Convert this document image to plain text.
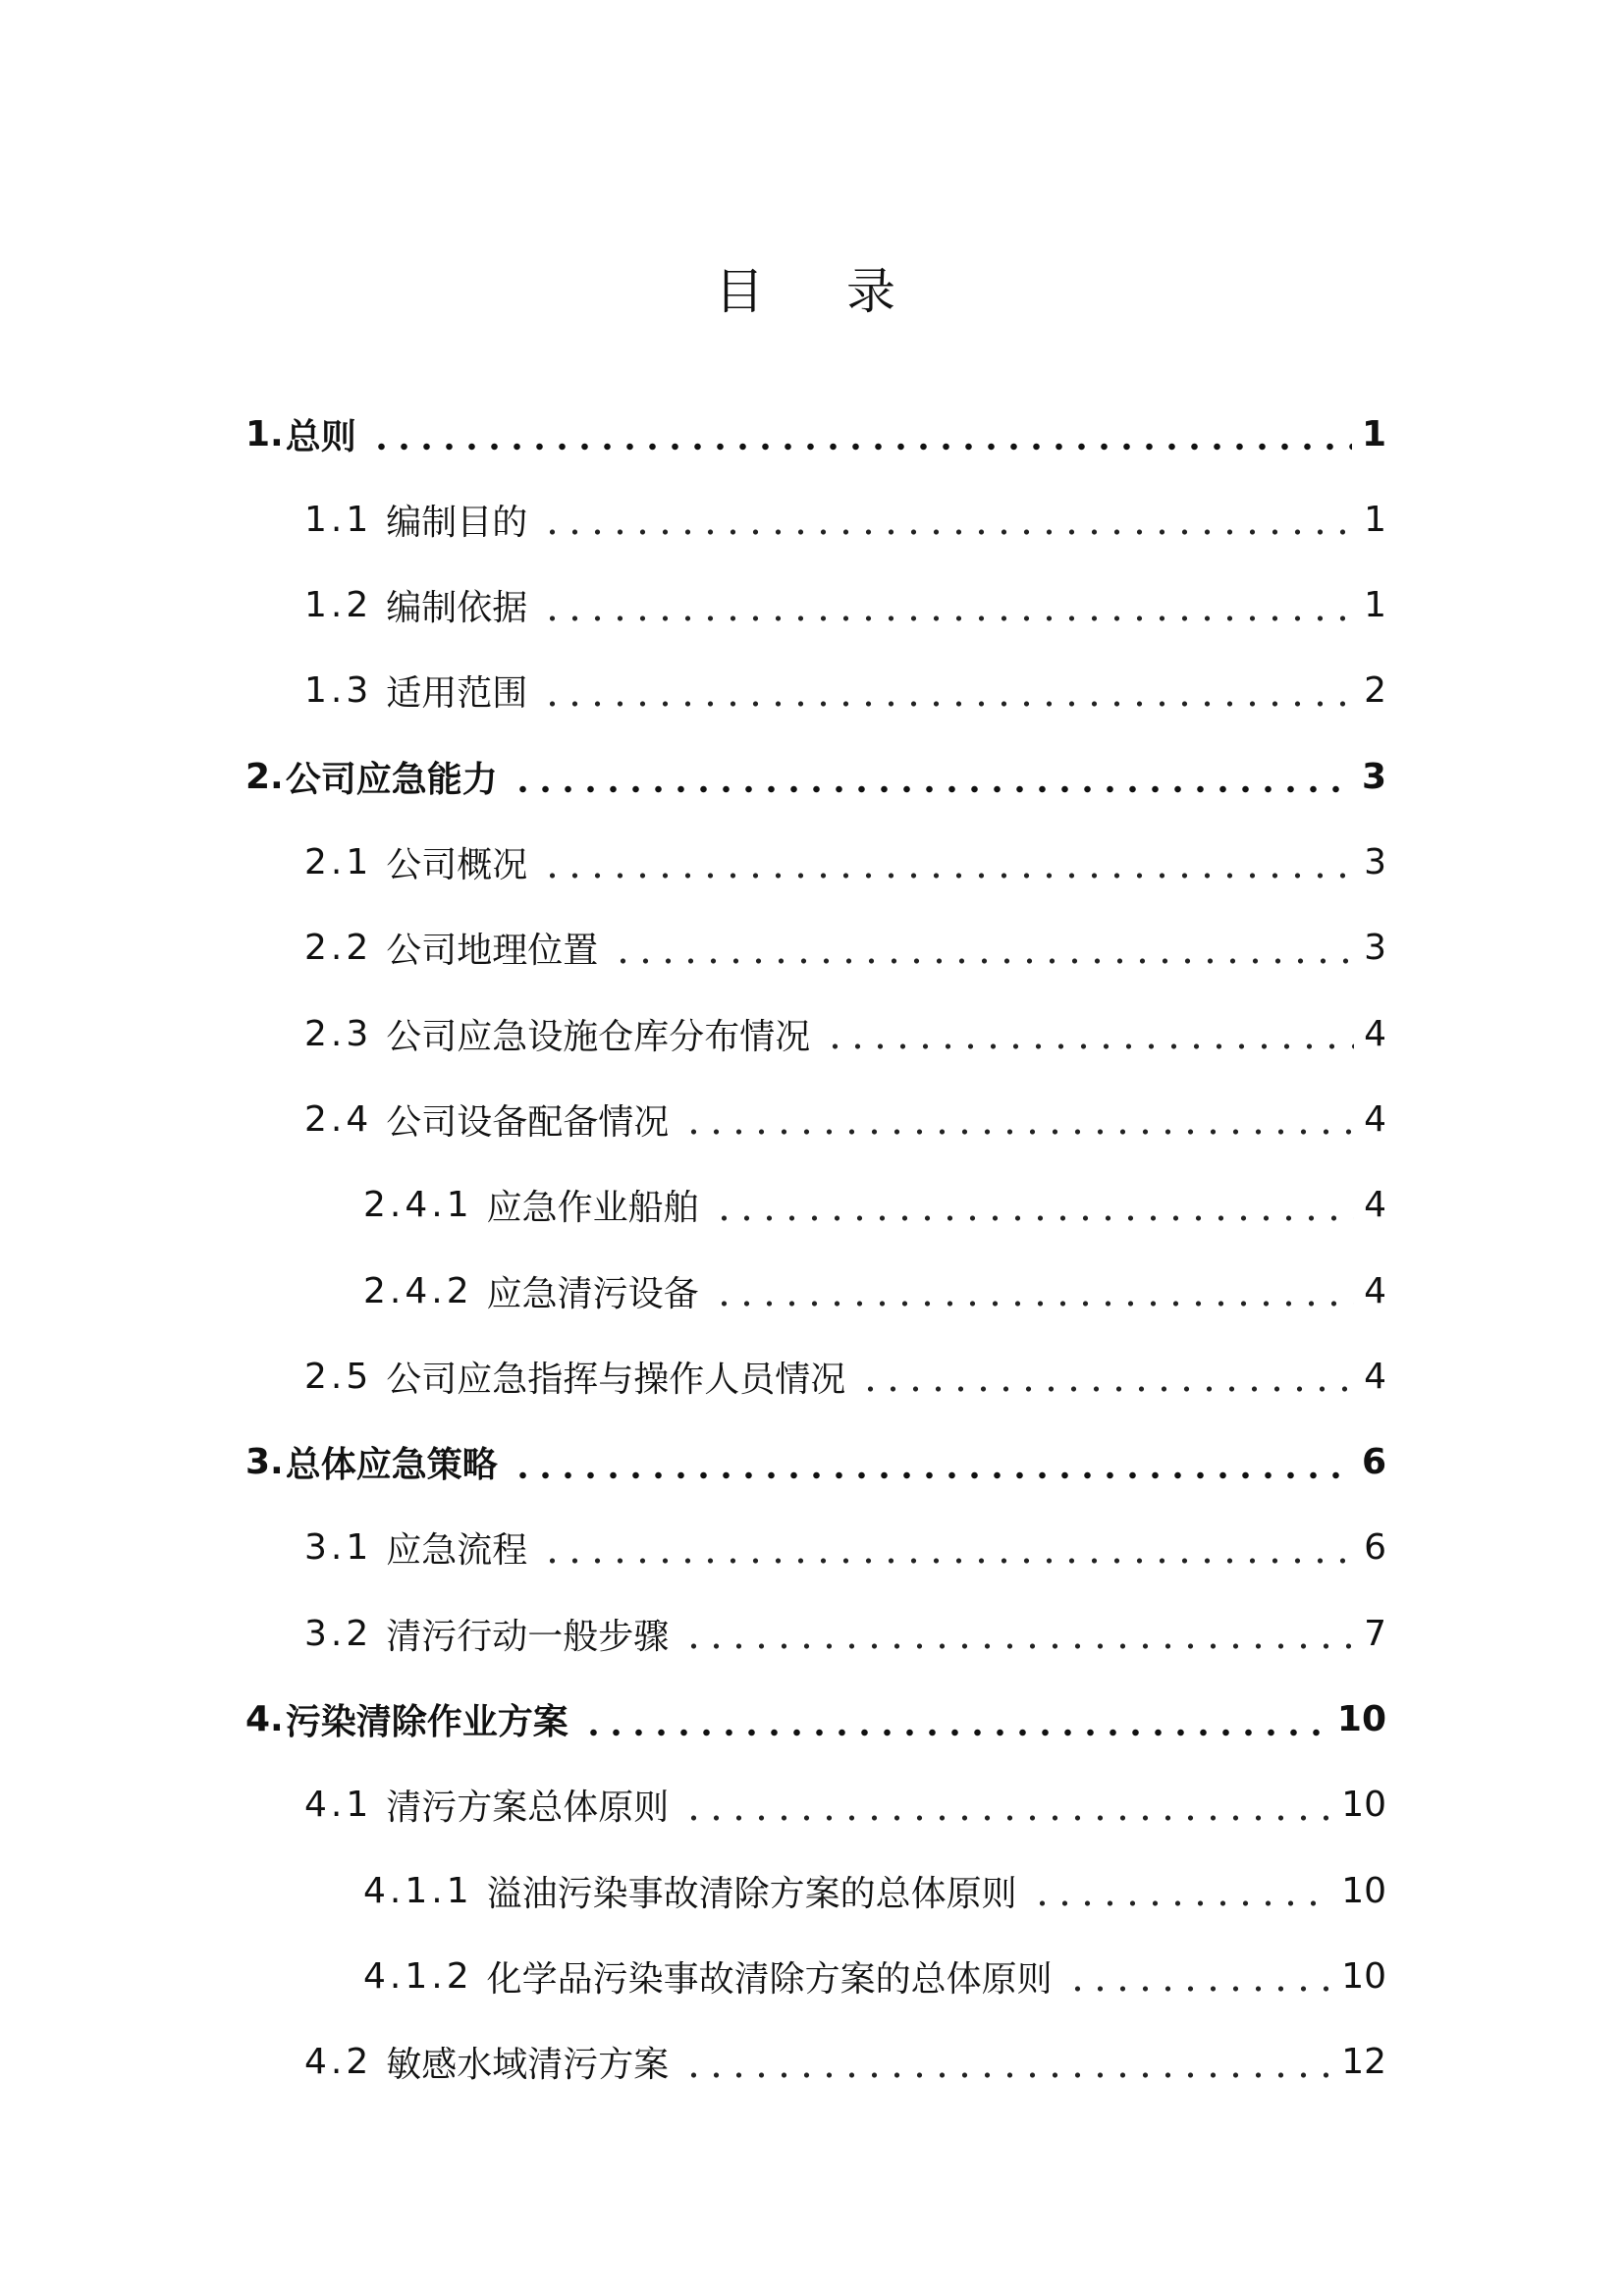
目 录
1. 总则	1
1.1 编制目的	1
1.2 编制依据	1
1.3 适用范围	2
2. 公司应急能力	3
2.1 公司概况	3
2.2 公司地理位置	3
2.3 公司应急设施仓库分布情况	4
2.4 公司设备配备情况	4
2.4.1 应急作业船舶	4
2.4.2 应急清污设备	4
2.5 公司应急指挥与操作人员情况	4
3. 总体应急策略	6
3.1 应急流程	6
3.2 清污行动一般步骤	7
4. 污染清除作业方案	10
4.1 清污方案总体原则	10
4.1.1 溢油污染事故清除方案的总体原则	10
4.1.2 化学品污染事故清除方案的总体原则	10
4.2 敏感水域清污方案	12
